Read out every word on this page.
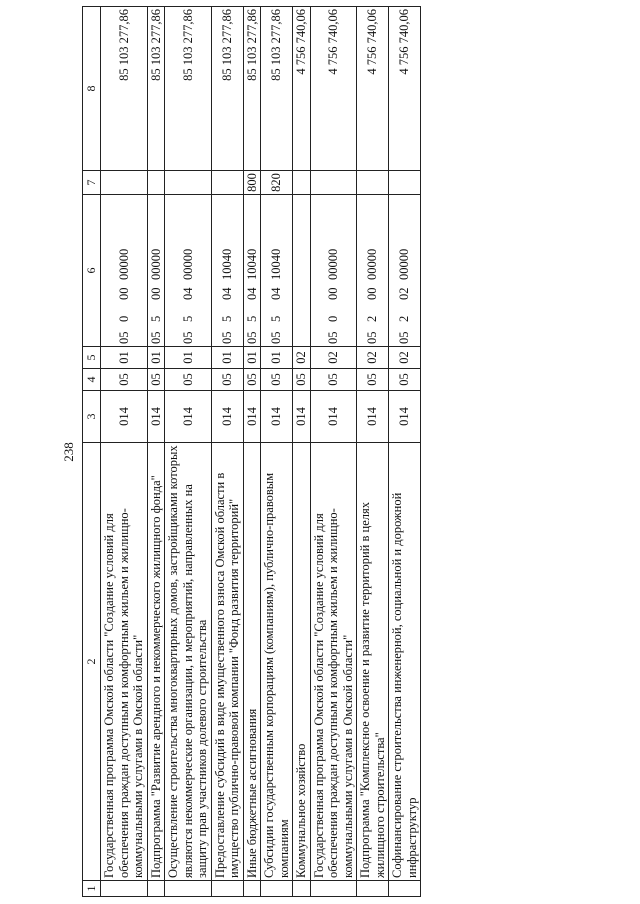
238
1	2	3	4	5	6	7	8
	Государственная программа Омской области "Создание условий для обеспечения граждан доступным и комфортным жильем и жилищно-коммунальными услугами в Омской области"	014	05	01	0500000000		85 103 277,86
	Подпрограмма "Развитие арендного и некоммерческого жилищного фонда"	014	05	01	0550000000		85 103 277,86
	Осуществление строительства многоквартирных домов, застройщиками которых являются некоммерческие организации, и мероприятий, направленных на защиту прав участников долевого строительства	014	05	01	0550400000		85 103 277,86
	Предоставление субсидий в виде имущественного взноса Омской области в имущество публично-правовой компании "Фонд развития территорий"	014	05	01	0550410040		85 103 277,86
	Иные бюджетные ассигнования	014	05	01	0550410040	800	85 103 277,86
	Субсидии государственным корпорациям (компаниям), публично-правовым компаниям	014	05	01	0550410040	820	85 103 277,86
	Коммунальное хозяйство	014	05	02			4 756 740,06
	Государственная программа Омской области "Создание условий для обеспечения граждан доступным и комфортным жильем и жилищно-коммунальными услугами в Омской области"	014	05	02	0500000000		4 756 740,06
	Подпрограмма "Комплексное освоение и развитие территорий в целях жилищного строительства"	014	05	02	0520000000		4 756 740,06
	Софинансирование строительства инженерной, социальной и дорожной инфраструктур	014	05	02	0520200000		4 756 740,06
